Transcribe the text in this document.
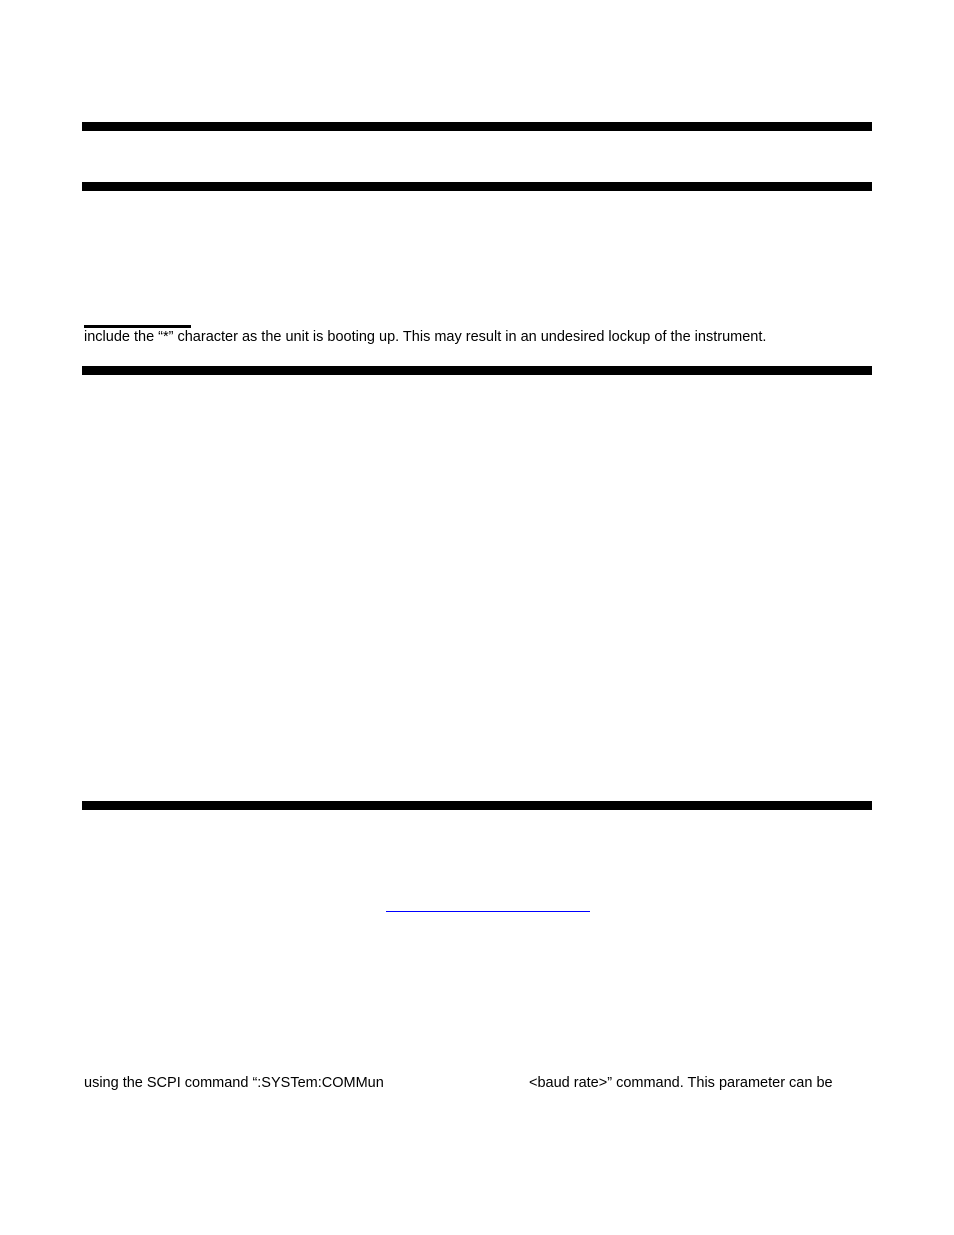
include the “*” character as the unit is booting up. This may result in an undesired lockup of the instrument.
using the SCPI command “:SYSTem:COMMun	<baud rate>” command. This parameter can be
